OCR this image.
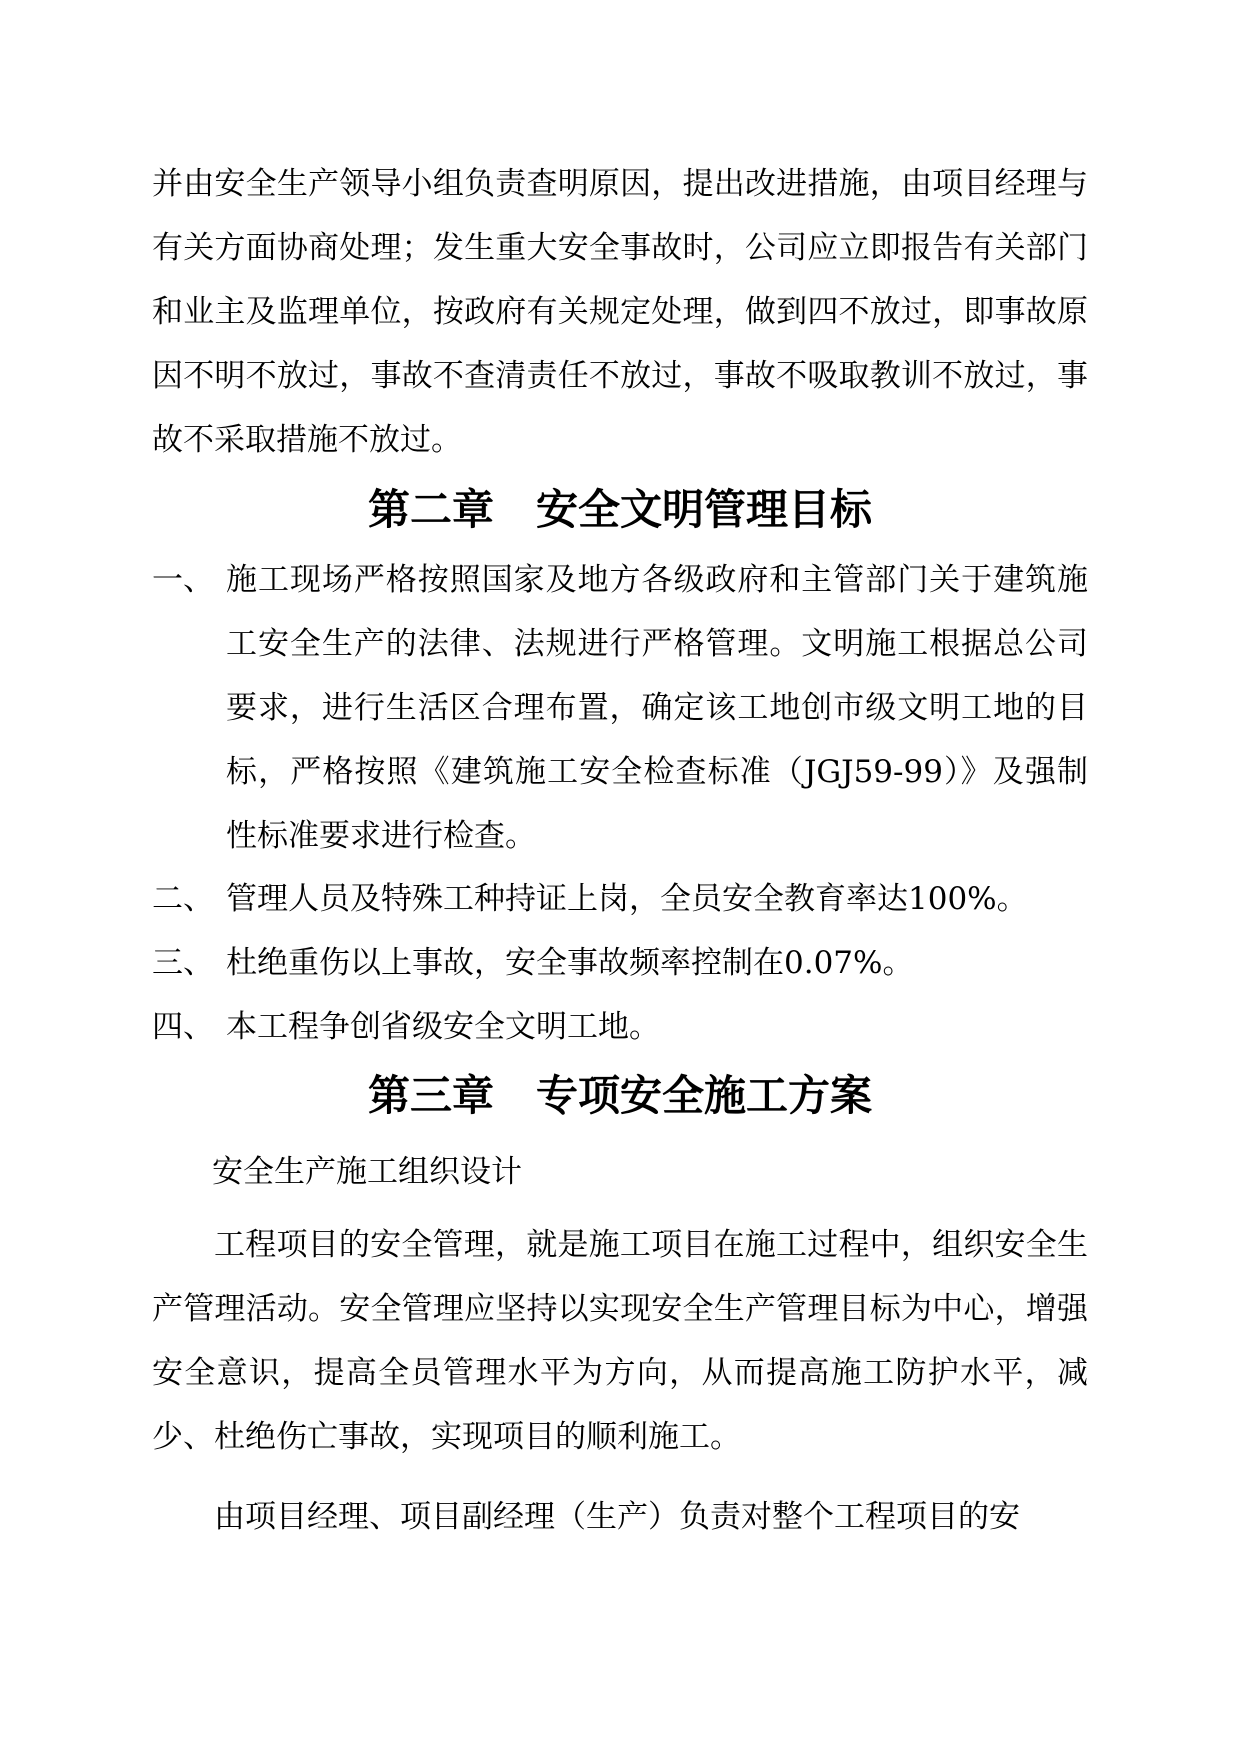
并由安全生产领导小组负责查明原因，提出改进措施，由项目经理与有关方面协商处理；发生重大安全事故时，公司应立即报告有关部门和业主及监理单位，按政府有关规定处理，做到四不放过，即事故原因不明不放过，事故不查清责任不放过，事故不吸取教训不放过，事故不采取措施不放过。
第二章　安全文明管理目标
一、 施工现场严格按照国家及地方各级政府和主管部门关于建筑施工安全生产的法律、法规进行严格管理。文明施工根据总公司要求，进行生活区合理布置，确定该工地创市级文明工地的目标，严格按照《建筑施工安全检查标准（JGJ59-99）》及强制性标准要求进行检查。
二、 管理人员及特殊工种持证上岗，全员安全教育率达100%。
三、 杜绝重伤以上事故，安全事故频率控制在0.07%。
四、 本工程争创省级安全文明工地。
第三章　专项安全施工方案
安全生产施工组织设计
工程项目的安全管理，就是施工项目在施工过程中，组织安全生产管理活动。安全管理应坚持以实现安全生产管理目标为中心，增强安全意识，提高全员管理水平为方向，从而提高施工防护水平，减少、杜绝伤亡事故，实现项目的顺利施工。
由项目经理、项目副经理（生产）负责对整个工程项目的安
